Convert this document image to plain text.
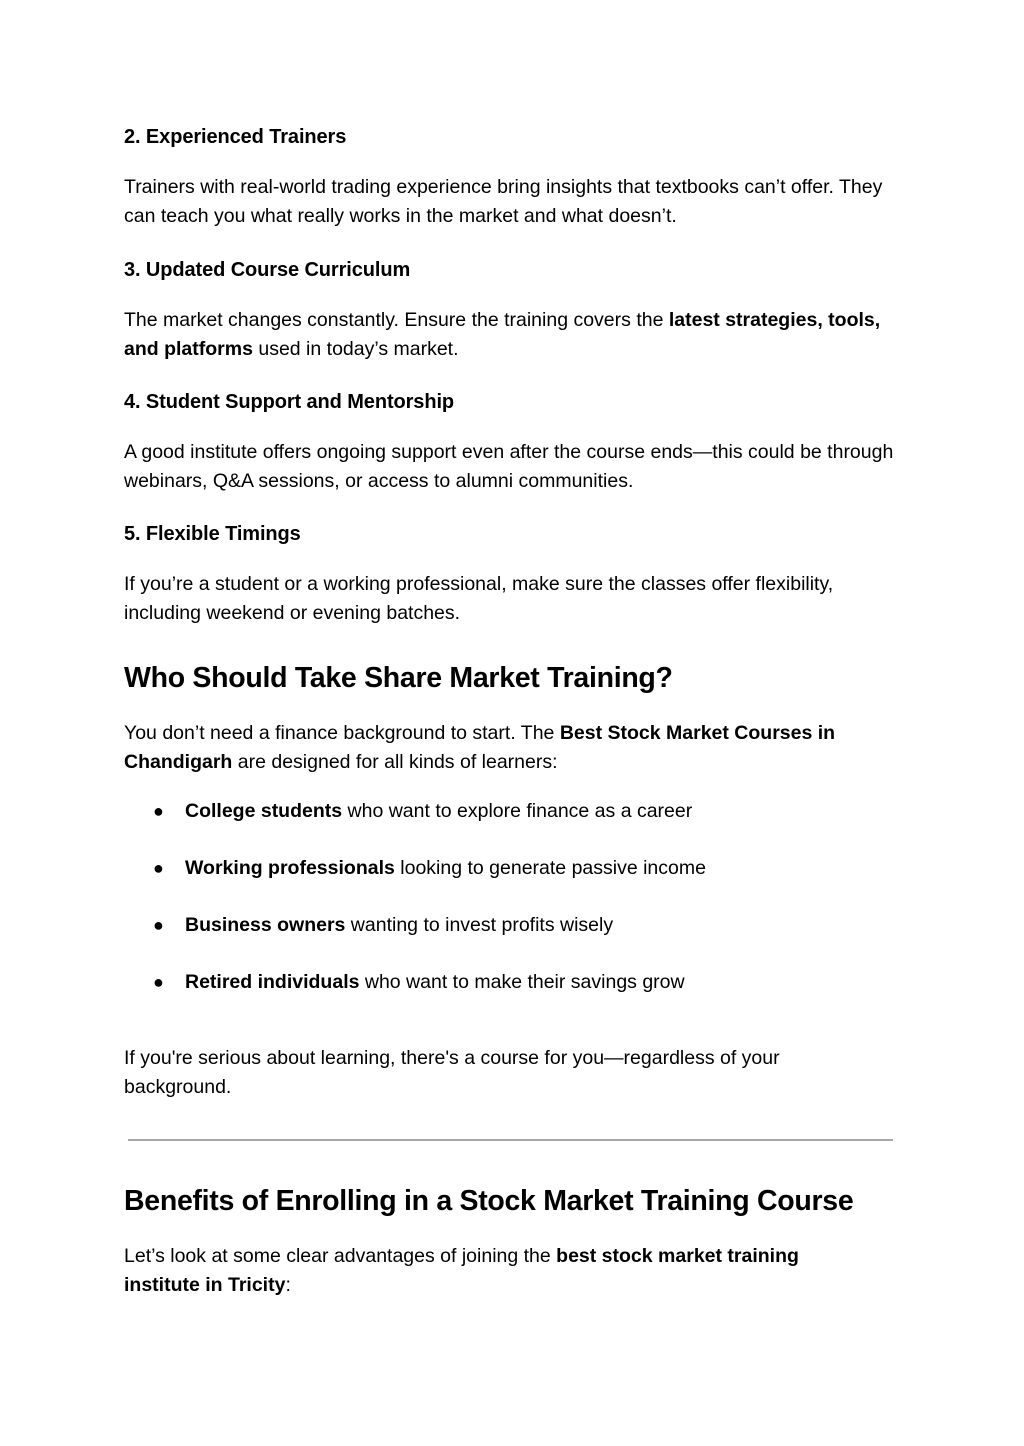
2. Experienced Trainers
Trainers with real-world trading experience bring insights that textbooks can’t offer. They can teach you what really works in the market and what doesn’t.
3. Updated Course Curriculum
The market changes constantly. Ensure the training covers the latest strategies, tools, and platforms used in today’s market.
4. Student Support and Mentorship
A good institute offers ongoing support even after the course ends—this could be through webinars, Q&A sessions, or access to alumni communities.
5. Flexible Timings
If you’re a student or a working professional, make sure the classes offer flexibility, including weekend or evening batches.
Who Should Take Share Market Training?
You don’t need a finance background to start. The Best Stock Market Courses in Chandigarh are designed for all kinds of learners:
●	College students who want to explore finance as a career
●	Working professionals looking to generate passive income
●	Business owners wanting to invest profits wisely
●	Retired individuals who want to make their savings grow
If you're serious about learning, there's a course for you—regardless of your background.
Benefits of Enrolling in a Stock Market Training Course
Let’s look at some clear advantages of joining the best stock market training institute in Tricity:
